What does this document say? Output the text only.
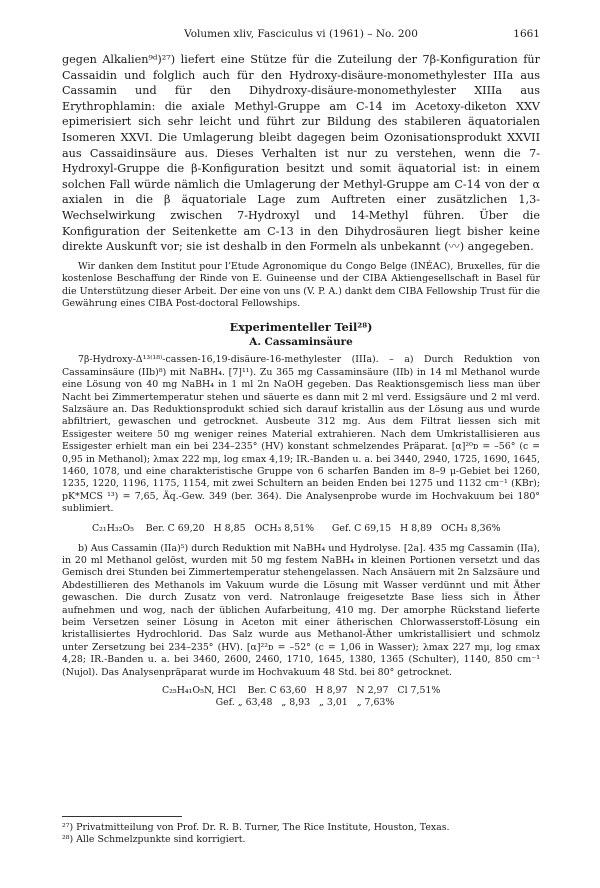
Volumen xliv, Fasciculus vi (1961) – No. 200	1661

gegen Alkalien⁹ᵈ)²⁷) liefert eine Stütze für die Zuteilung der 7β-Konfiguration für Cassaidin und folglich auch für den Hydroxy-disäure-monomethylester IIIa aus Cassamin und für den Dihydroxy-disäure-monomethylester XIIIa aus Erythrophlamin: die axiale Methyl-Gruppe am C-14 im Acetoxy-diketon XXV epimerisiert sich sehr leicht und führt zur Bildung des stabileren äquatorialen Isomeren XXVI. Die Umlagerung bleibt dagegen beim Ozonisationsprodukt XXVII aus Cassaidinsäure aus. Dieses Verhalten ist nur zu verstehen, wenn die 7-Hydroxyl-Gruppe die β-Konfiguration besitzt und somit äquatorial ist: in einem solchen Fall würde nämlich die Umlagerung der Methyl-Gruppe am C-14 von der α axialen in die β äquatoriale Lage zum Auftreten einer zusätzlichen 1,3-Wechselwirkung zwischen 7-Hydroxyl und 14-Methyl führen. Über die Konfiguration der Seitenkette am C-13 in den Dihydrosäuren liegt bisher keine direkte Auskunft vor; sie ist deshalb in den Formeln als unbekannt (〰) angegeben.

Wir danken dem Institut pour l’Etude Agronomique du Congo Belge (INÉAC), Bruxelles, für die kostenlose Beschaffung der Rinde von E. Guineense und der CIBA Aktiengesellschaft in Basel für die Unterstützung dieser Arbeit. Der eine von uns (V. P. A.) dankt dem CIBA Fellowship Trust für die Gewährung eines CIBA Post-doctoral Fellowships.

Experimenteller Teil²⁸)
A. Cassaminsäure

7β-Hydroxy-Δ¹³⁽¹⁸⁾-cassen-16,19-disäure-16-methylester (IIIa). – a) Durch Reduktion von Cassaminsäure (IIb)⁸) mit NaBH₄. [7]¹¹). Zu 365 mg Cassaminsäure (IIb) in 14 ml Methanol wurde eine Lösung von 40 mg NaBH₄ in 1 ml 2n NaOH gegeben. Das Reaktionsgemisch liess man über Nacht bei Zimmertemperatur stehen und säuerte es dann mit 2 ml verd. Essigsäure und 2 ml verd. Salzsäure an. Das Reduktionsprodukt schied sich darauf kristallin aus der Lösung aus und wurde abfiltriert, gewaschen und getrocknet. Ausbeute 312 mg. Aus dem Filtrat liessen sich mit Essigester weitere 50 mg weniger reines Material extrahieren. Nach dem Umkristallisieren aus Essigester erhielt man ein bei 234–235° (HV) konstant schmelzendes Präparat. [α]²⁰ᴅ = –56° (c = 0,95 in Methanol); λmax 222 mμ, log εmax 4,19; IR.-Banden u. a. bei 3440, 2940, 1725, 1690, 1645, 1460, 1078, und eine charakteristische Gruppe von 6 scharfen Banden im 8–9 μ-Gebiet bei 1260, 1235, 1220, 1196, 1175, 1154, mit zwei Schultern an beiden Enden bei 1275 und 1132 cm⁻¹ (KBr); pK*MCS ¹³) = 7,65, Äq.-Gew. 349 (ber. 364). Die Analysenprobe wurde im Hochvakuum bei 180° sublimiert.

C₂₁H₃₂O₅    Ber. C 69,20   H 8,85   OCH₃ 8,51%      Gef. C 69,15   H 8,89   OCH₃ 8,36%

b) Aus Cassamin (IIa)⁵) durch Reduktion mit NaBH₄ und Hydrolyse. [2a]. 435 mg Cassamin (IIa), in 20 ml Methanol gelöst, wurden mit 50 mg festem NaBH₄ in kleinen Portionen versetzt und das Gemisch drei Stunden bei Zimmertemperatur stehengelassen. Nach Ansäuern mit 2n Salzsäure und Abdestillieren des Methanols im Vakuum wurde die Lösung mit Wasser verdünnt und mit Äther gewaschen. Die durch Zusatz von verd. Natronlauge freigesetzte Base liess sich in Äther aufnehmen und wog, nach der üblichen Aufarbeitung, 410 mg. Der amorphe Rückstand lieferte beim Versetzen seiner Lösung in Aceton mit einer ätherischen Chlorwasserstoff-Lösung ein kristallisiertes Hydrochlorid. Das Salz wurde aus Methanol-Äther umkristallisiert und schmolz unter Zersetzung bei 234–235° (HV). [α]²²ᴅ = –52° (c = 1,06 in Wasser); λmax 227 mμ, log εmax 4,28; IR.-Banden u. a. bei 3460, 2600, 2460, 1710, 1645, 1380, 1365 (Schulter), 1140, 850 cm⁻¹ (Nujol). Das Analysenpräparat wurde im Hochvakuum 48 Std. bei 80° getrocknet.

C₂₅H₄₁O₅N, HCl    Ber. C 63,60   H 8,97   N 2,97   Cl 7,51%
Gef. „ 63,48   „ 8,93   „ 3,01   „ 7,63%
²⁷) Privatmitteilung von Prof. Dr. R. B. Turner, The Rice Institute, Houston, Texas.
²⁸) Alle Schmelzpunkte sind korrigiert.
